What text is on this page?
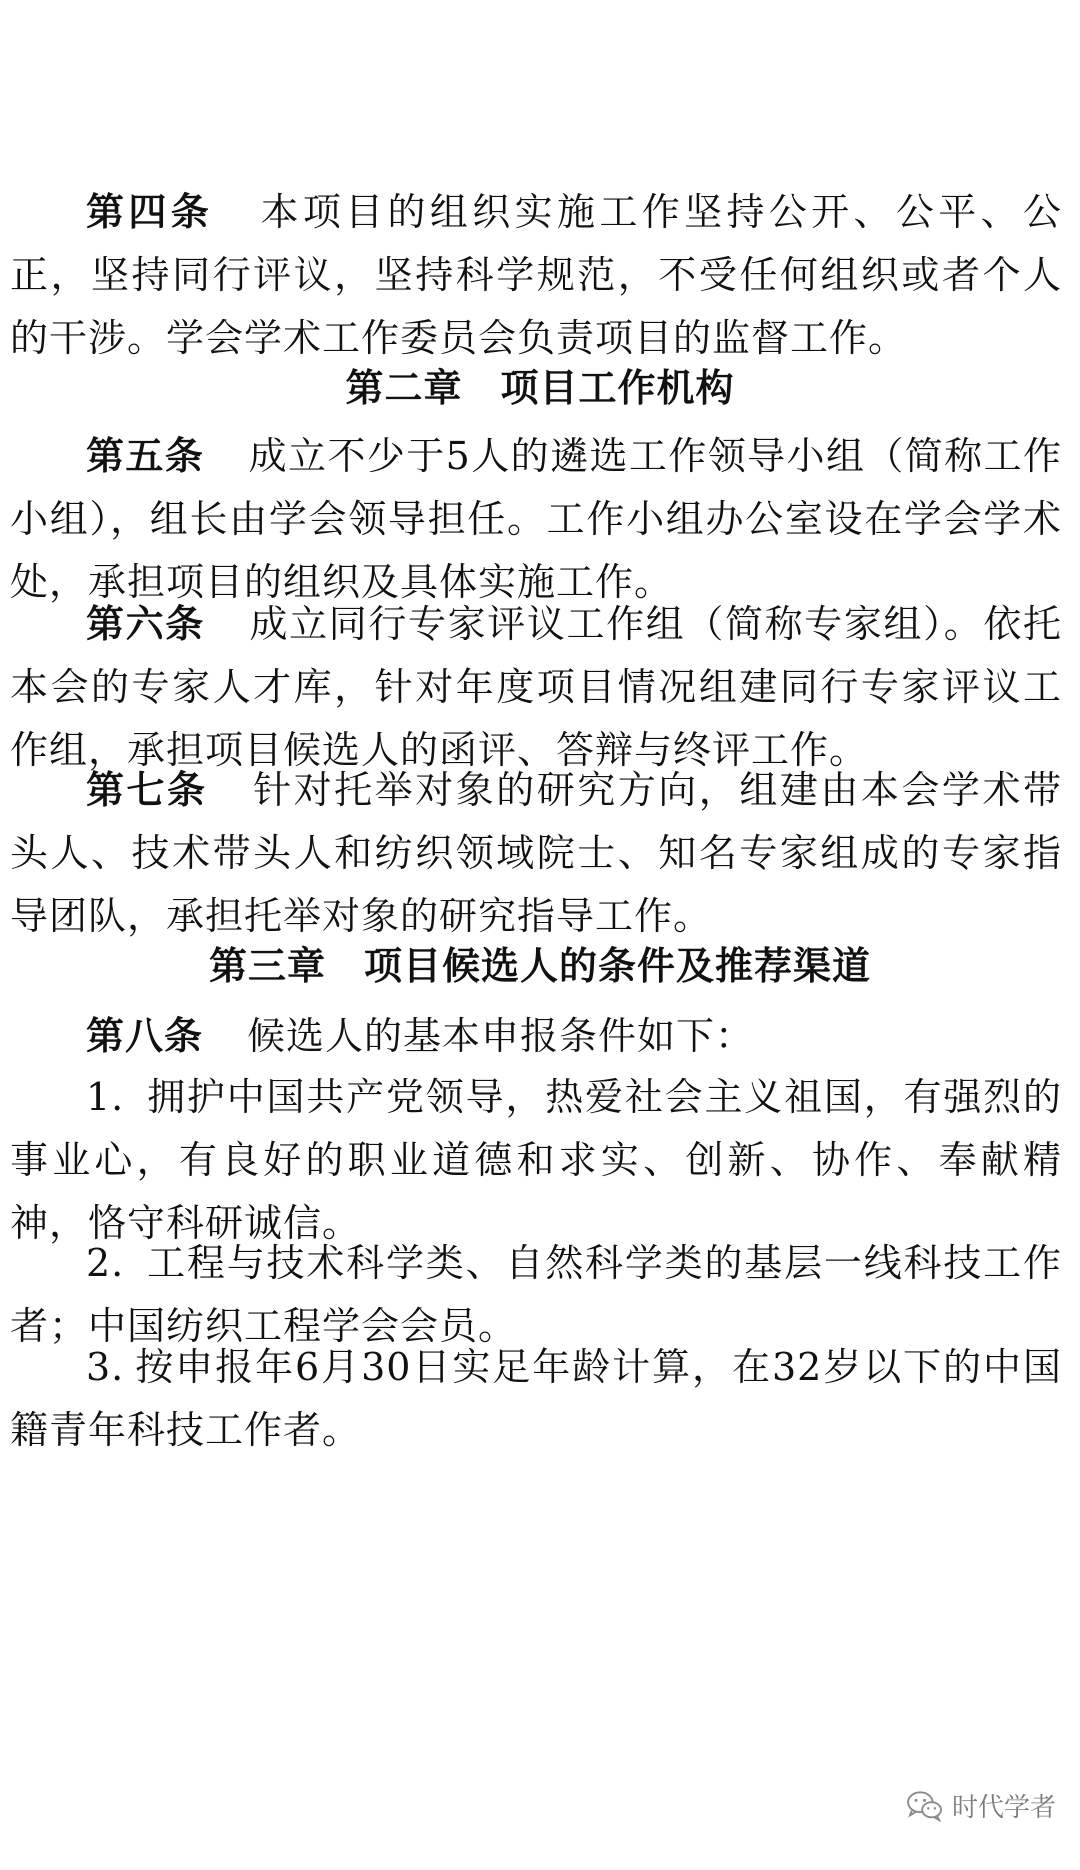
第四条 本项目的组织实施工作坚持公开、公平、公正，坚持同行评议，坚持科学规范，不受任何组织或者个人的干涉。学会学术工作委员会负责项目的监督工作。

第二章 项目工作机构

第五条 成立不少于5人的遴选工作领导小组（简称工作小组），组长由学会领导担任。工作小组办公室设在学会学术处，承担项目的组织及具体实施工作。

第六条 成立同行专家评议工作组（简称专家组）。依托本会的专家人才库，针对年度项目情况组建同行专家评议工作组，承担项目候选人的函评、答辩与终评工作。

第七条 针对托举对象的研究方向，组建由本会学术带头人、技术带头人和纺织领域院士、知名专家组成的专家指导团队，承担托举对象的研究指导工作。

第三章 项目候选人的条件及推荐渠道

第八条 候选人的基本申报条件如下：

1. 拥护中国共产党领导，热爱社会主义祖国，有强烈的事业心，有良好的职业道德和求实、创新、协作、奉献精神，恪守科研诚信。

2. 工程与技术科学类、自然科学类的基层一线科技工作者；中国纺织工程学会会员。

3. 按申报年6月30日实足年龄计算，在32岁以下的中国籍青年科技工作者。

时代学者
